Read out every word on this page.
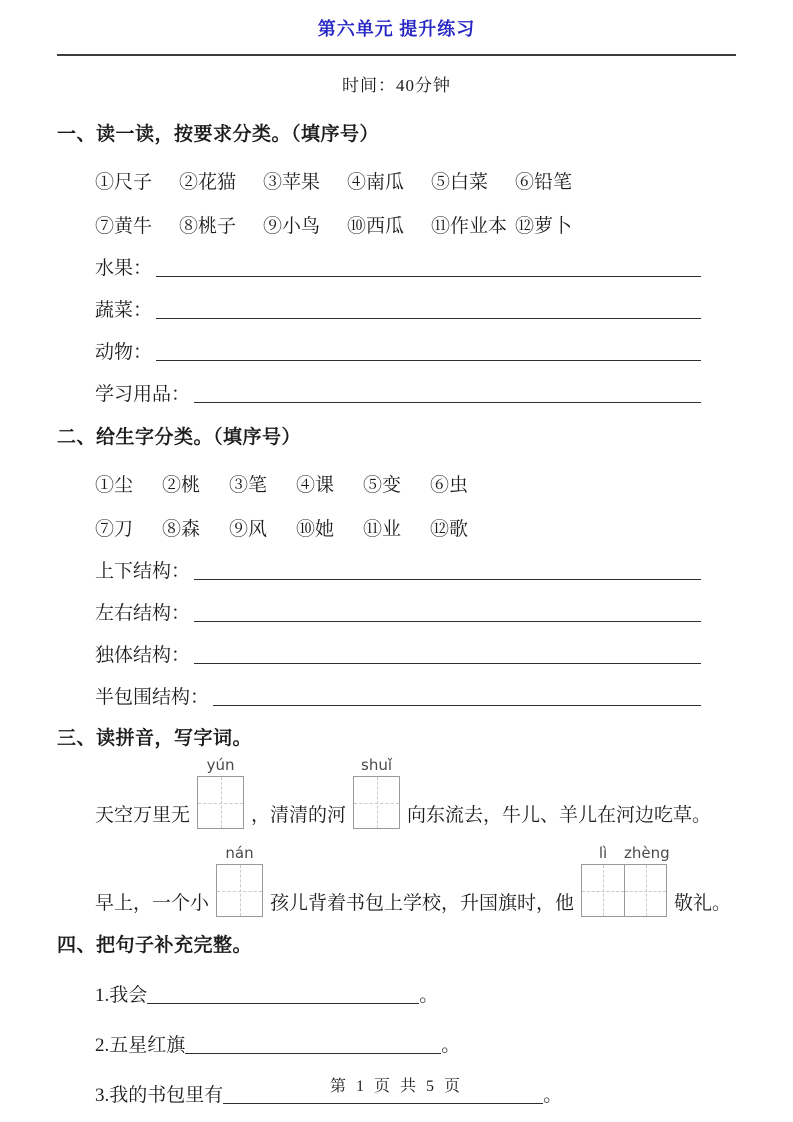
第六单元 提升练习
时间：40分钟
一、读一读，按要求分类。（填序号）
①尺子	②花猫	③苹果	④南瓜	⑤白菜	⑥铅笔
⑦黄牛	⑧桃子	⑨小鸟	⑩西瓜	⑪作业本 ⑫萝卜
水果：
蔬菜：
动物：
学习用品：
二、给生字分类。（填序号）
①尘	②桃	③笔	④课	⑤变	⑥虫
⑦刀	⑧森	⑨风	⑩她	⑪业	⑫歌
上下结构：
左右结构：
独体结构：
半包围结构：
三、读拼音，写字词。
天空万里无
yún
，清清的河
shuǐ
向东流去，牛儿、羊儿在河边吃草。
早上，一个小
nán
孩儿背着书包上学校，升国旗时，他
lì	zhèng
敬礼。
四、把句子补充完整。
1.我会	。
2.五星红旗	。
3.我的书包里有	。
第 1 页 共 5 页
